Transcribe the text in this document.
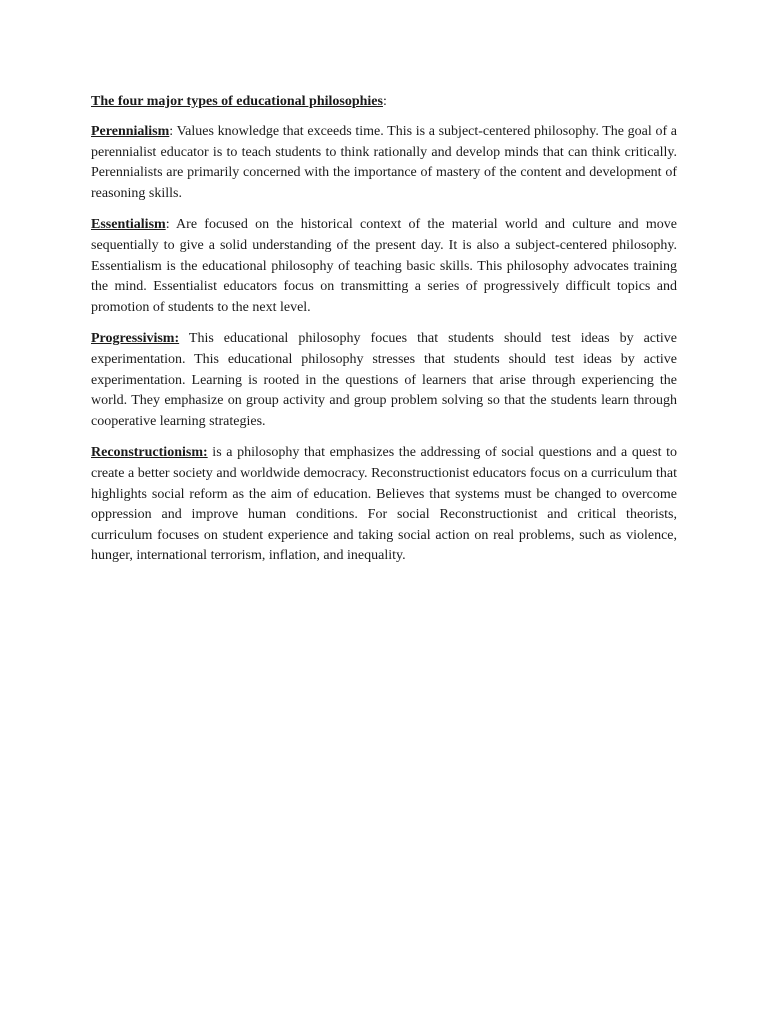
The four major types of educational philosophies:

Perennialism: Values knowledge that exceeds time. This is a subject-centered philosophy. The goal of a perennialist educator is to teach students to think rationally and develop minds that can think critically. Perennialists are primarily concerned with the importance of mastery of the content and development of reasoning skills.

Essentialism: Are focused on the historical context of the material world and culture and move sequentially to give a solid understanding of the present day. It is also a subject-centered philosophy. Essentialism is the educational philosophy of teaching basic skills. This philosophy advocates training the mind. Essentialist educators focus on transmitting a series of progressively difficult topics and promotion of students to the next level.

Progressivism: This educational philosophy focues that students should test ideas by active experimentation. This educational philosophy stresses that students should test ideas by active experimentation. Learning is rooted in the questions of learners that arise through experiencing the world. They emphasize on group activity and group problem solving so that the students learn through cooperative learning strategies.

Reconstructionism: is a philosophy that emphasizes the addressing of social questions and a quest to create a better society and worldwide democracy. Reconstructionist educators focus on a curriculum that highlights social reform as the aim of education. Believes that systems must be changed to overcome oppression and improve human conditions. For social Reconstructionist and critical theorists, curriculum focuses on student experience and taking social action on real problems, such as violence, hunger, international terrorism, inflation, and inequality.
